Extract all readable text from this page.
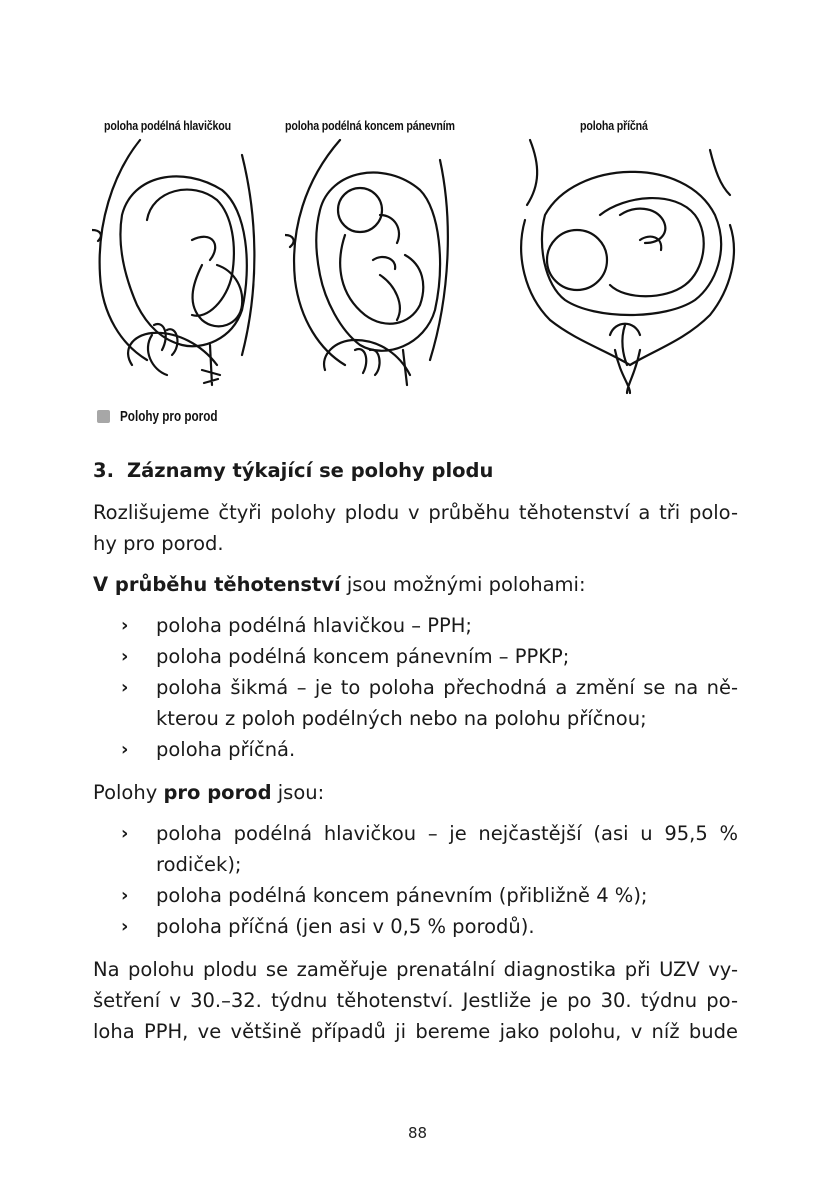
poloha podélná hlavičkou	poloha podélná koncem pánevním	poloha příčná
Polohy pro porod
3. Záznamy týkající se polohy plodu

Rozlišujeme čtyři polohy plodu v průběhu těhotenství a tři polo-
hy pro porod.

V průběhu těhotenství jsou možnými polohami:

› poloha podélná hlavičkou – PPH;
› poloha podélná koncem pánevním – PPKP;
› poloha šikmá – je to poloha přechodná a změní se na ně-
kterou z poloh podélných nebo na polohu příčnou;
› poloha příčná.

Polohy pro porod jsou:

› poloha podélná hlavičkou – je nejčastější (asi u 95,5 %
rodiček);
› poloha podélná koncem pánevním (přibližně 4 %);
› poloha příčná (jen asi v 0,5 % porodů).

Na polohu plodu se zaměřuje prenatální diagnostika při UZV vy-
šetření v 30.–32. týdnu těhotenství. Jestliže je po 30. týdnu po-
loha PPH, ve většině případů ji bereme jako polohu, v níž bude

88
